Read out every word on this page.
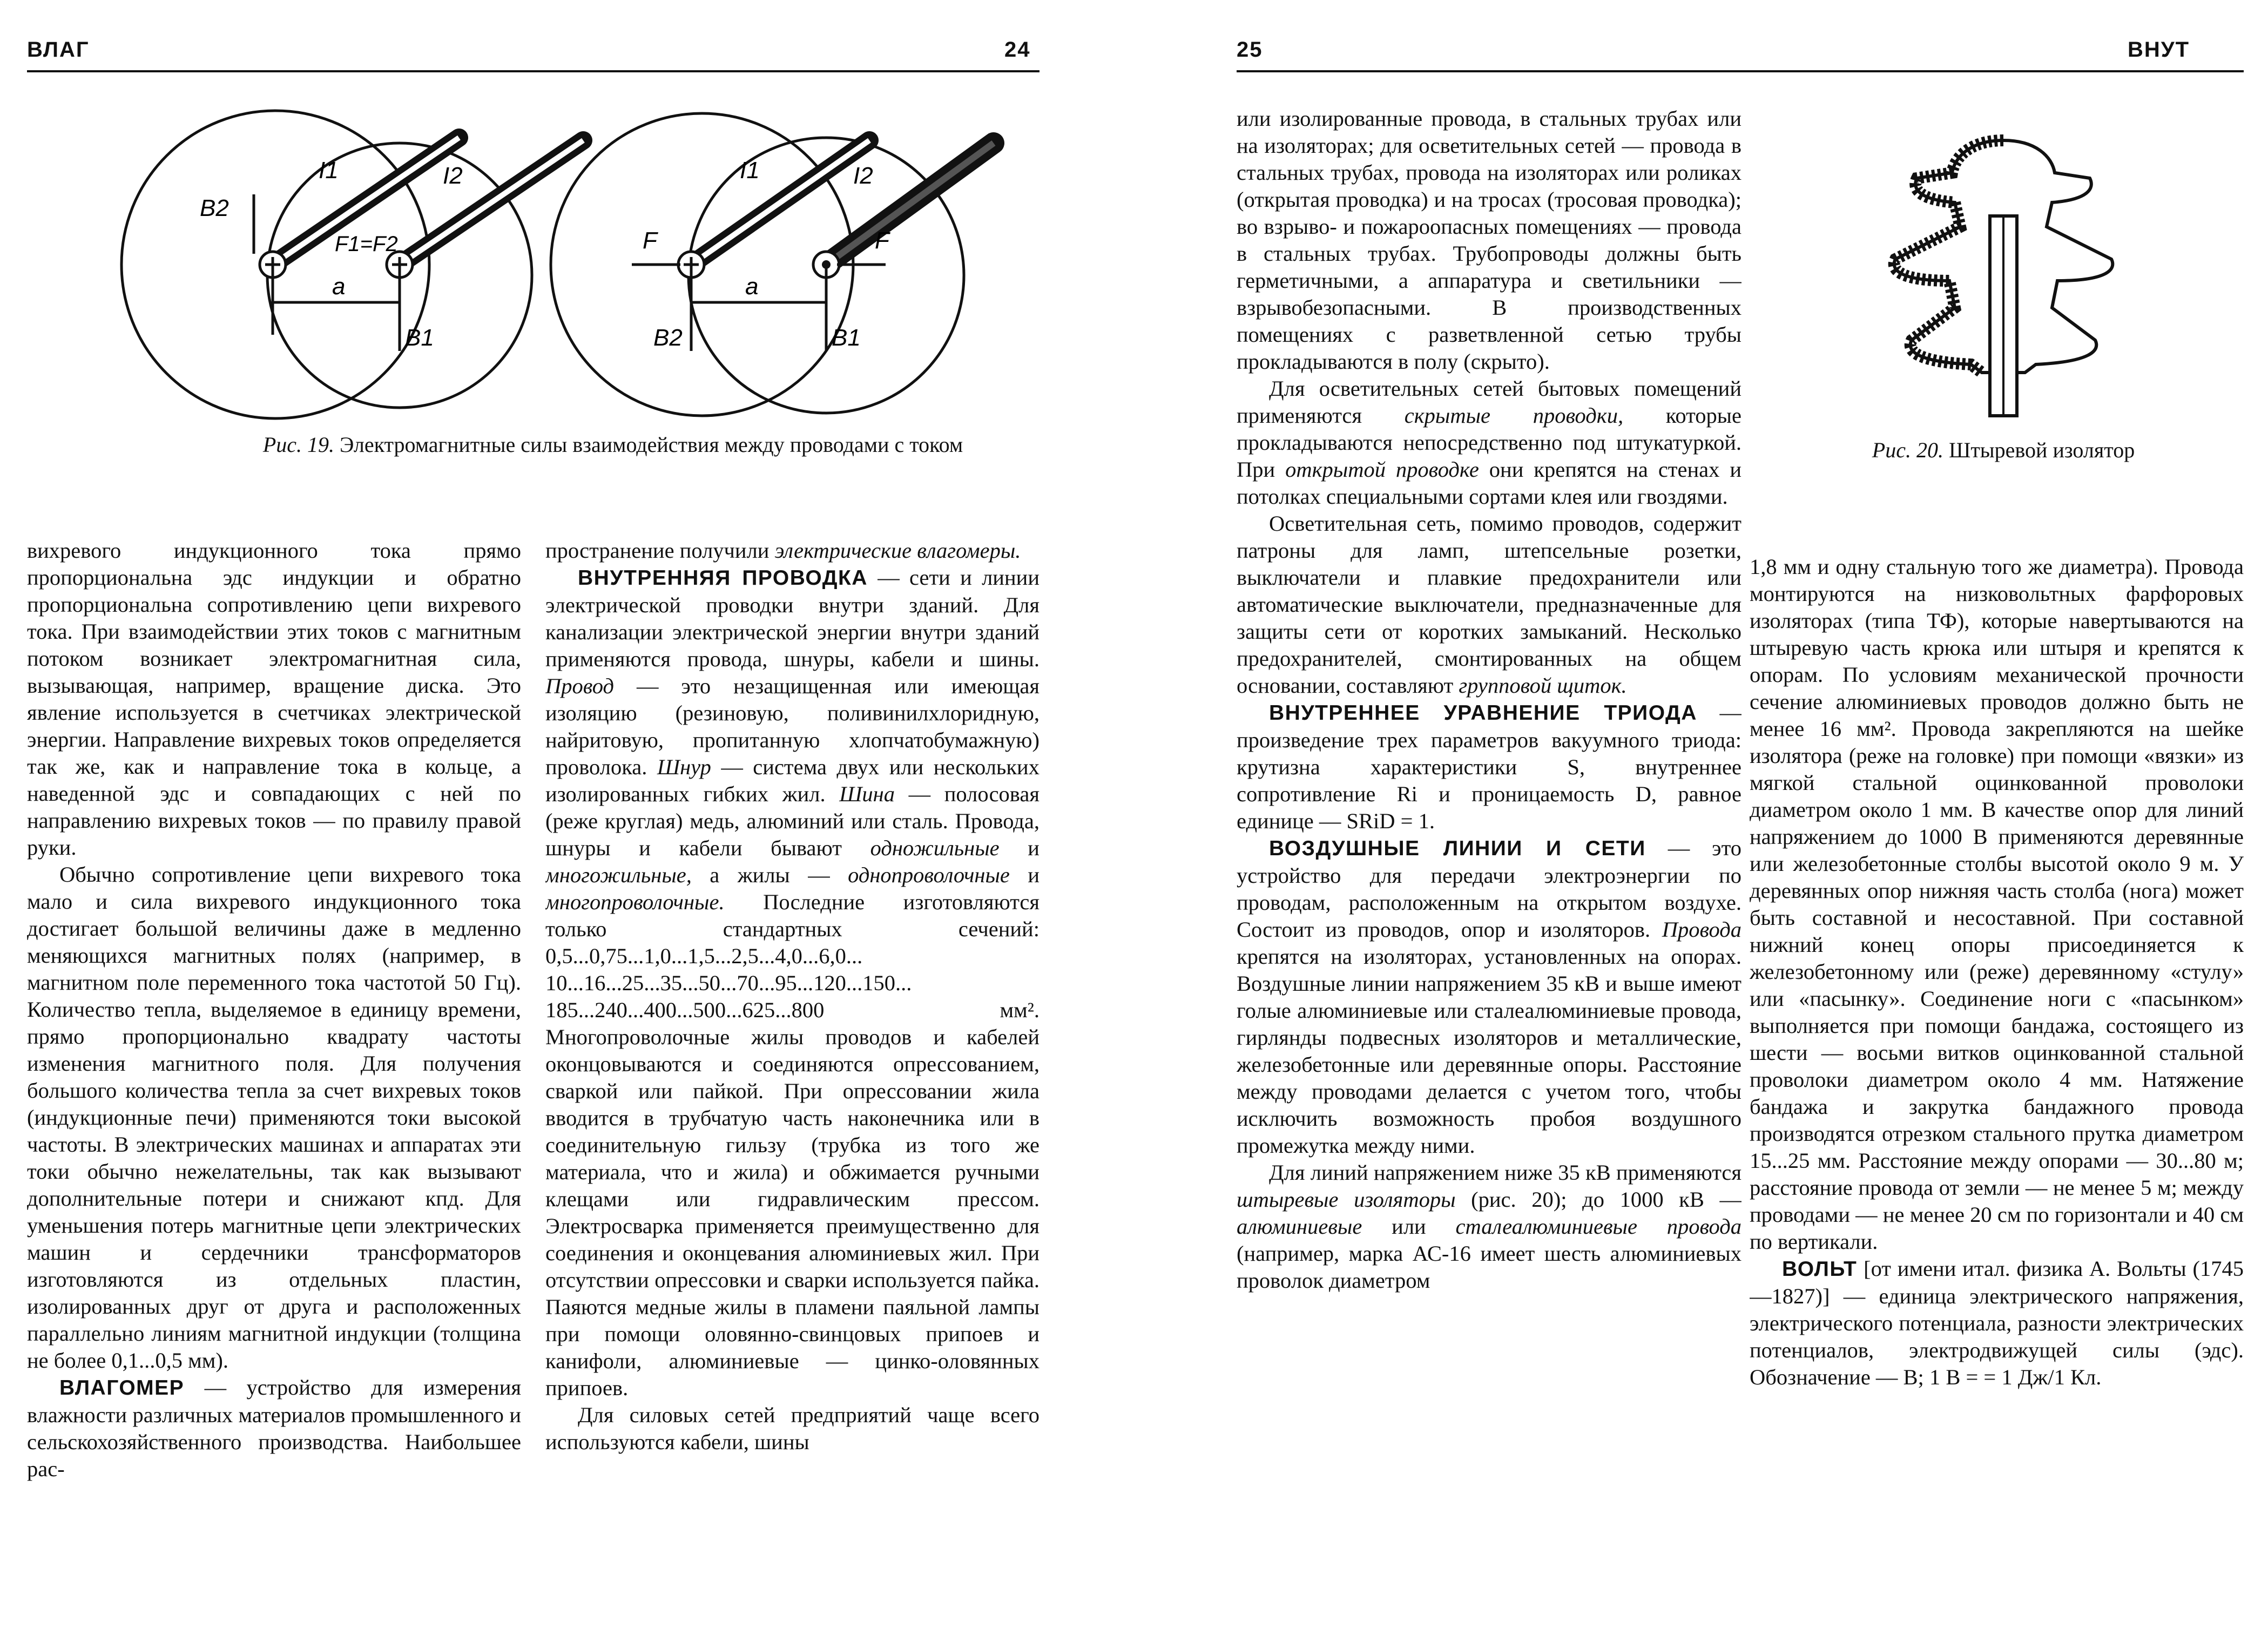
ВЛАГ	24
B2
B1
I1	I2
F1=F2
a	a
F	F
I1	I2
B2	B1
Рис. 19. Электромагнитные силы взаимодействия между проводами с током

вихревого индукционного тока прямо пропорциональна эдс индукции и обратно пропорциональна сопротивлению цепи вихревого тока. При взаимодействии этих токов с магнитным потоком возникает электромагнитная сила, вызывающая, например, вращение диска. Это явление используется в счетчиках электрической энергии. Направление вихревых токов определяется так же, как и направление тока в кольце, а наведенной эдс и совпадающих с ней по направлению вихревых токов — по правилу правой руки.

Обычно сопротивление цепи вихревого тока мало и сила вихревого индукционного тока достигает большой величины даже в медленно меняющихся магнитных полях (например, в магнитном поле переменного тока частотой 50 Гц). Количество тепла, выделяемое в единицу времени, прямо пропорционально квадрату частоты изменения магнитного поля. Для получения большого количества тепла за счет вихревых токов (индукционные печи) применяются токи высокой частоты. В электрических машинах и аппаратах эти токи обычно нежелательны, так как вызывают дополнительные потери и снижают кпд. Для уменьшения потерь магнитные цепи электрических машин и сердечники трансформаторов изготовляются из отдельных пластин, изолированных друг от друга и расположенных параллельно линиям магнитной индукции (толщина не более 0,1...0,5 мм).

ВЛАГОМЕР — устройство для измерения влажности различных материалов промышленного и сельскохозяйственного производства. Наибольшее рас-

пространение получили электрические влагомеры.

ВНУТРЕННЯЯ ПРОВОДКА — сети и линии электрической проводки внутри зданий. Для канализации электрической энергии внутри зданий применяются провода, шнуры, кабели и шины. Провод — это незащищенная или имеющая изоляцию (резиновую, поливинилхлоридную, найритовую, пропитанную хлопчатобумажную) проволока. Шнур — система двух или нескольких изолированных гибких жил. Шина — полосовая (реже круглая) медь, алюминий или сталь. Провода, шнуры и кабели бывают одножильные и многожильные, а жилы — однопроволочные и многопроволочные. Последние изготовляются только стандартных сечений: 0,5...0,75...1,0...1,5...2,5...4,0...6,0... 10...16...25...35...50...70...95...120...150... 185...240...400...500...625...800 мм². Многопроволочные жилы проводов и кабелей оконцовываются и соединяются опрессованием, сваркой или пайкой. При опрессовании жила вводится в трубчатую часть наконечника или в соединительную гильзу (трубка из того же материала, что и жила) и обжимается ручными клещами или гидравлическим прессом. Электросварка применяется преимущественно для соединения и оконцевания алюминиевых жил. При отсутствии опрессовки и сварки используется пайка. Паяются медные жилы в пламени паяльной лампы при помощи оловянно-свинцовых припоев и канифоли, алюминиевые — цинко-оловянных припоев.

Для силовых сетей предприятий чаще всего используются кабели, шины

25	ВНУТ

или изолированные провода, в стальных трубах или на изоляторах; для осветительных сетей — провода в стальных трубах, провода на изоляторах или роликах (открытая проводка) и на тросах (тросовая проводка); во взрыво- и пожароопасных помещениях — провода в стальных трубах. Трубопроводы должны быть герметичными, а аппаратура и светильники — взрывобезопасными. В производственных помещениях с разветвленной сетью трубы прокладываются в полу (скрыто).

Для осветительных сетей бытовых помещений применяются скрытые проводки, которые прокладываются непосредственно под штукатуркой. При открытой проводке они крепятся на стенах и потолках специальными сортами клея или гвоздями.

Осветительная сеть, помимо проводов, содержит патроны для ламп, штепсельные розетки, выключатели и плавкие предохранители или автоматические выключатели, предназначенные для защиты сети от коротких замыканий. Несколько предохранителей, смонтированных на общем основании, составляют групповой щиток.

ВНУТРЕННЕЕ УРАВНЕНИЕ ТРИОДА — произведение трех параметров вакуумного триода: крутизна характеристики S, внутреннее сопротивление Ri и проницаемость D, равное единице — SRiD = 1.

ВОЗДУШНЫЕ ЛИНИИ И СЕТИ — это устройство для передачи электроэнергии по проводам, расположенным на открытом воздухе. Состоит из проводов, опор и изоляторов. Провода крепятся на изоляторах, установленных на опорах. Воздушные линии напряжением 35 кВ и выше имеют голые алюминиевые или сталеалюминиевые провода, гирлянды подвесных изоляторов и металлические, железобетонные или деревянные опоры. Расстояние между проводами делается с учетом того, чтобы исключить возможность пробоя воздушного промежутка между ними.

Для линий напряжением ниже 35 кВ применяются штыревые изоляторы (рис. 20); до 1000 кВ — алюминиевые или сталеалюминиевые провода (например, марка АС-16 имеет шесть алюминиевых проволок диаметром

Рис. 20. Штыревой изолятор

1,8 мм и одну стальную того же диаметра). Провода монтируются на низковольтных фарфоровых изоляторах (типа ТФ), которые навертываются на штыревую часть крюка или штыря и крепятся к опорам. По условиям механической прочности сечение алюминиевых проводов должно быть не менее 16 мм². Провода закрепляются на шейке изолятора (реже на головке) при помощи «вязки» из мягкой стальной оцинкованной проволоки диаметром около 1 мм. В качестве опор для линий напряжением до 1000 В применяются деревянные или железобетонные столбы высотой около 9 м. У деревянных опор нижняя часть столба (нога) может быть составной и несоставной. При составной нижний конец опоры присоединяется к железобетонному или (реже) деревянному «стулу» или «пасынку». Соединение ноги с «пасынком» выполняется при помощи бандажа, состоящего из шести — восьми витков оцинкованной стальной проволоки диаметром около 4 мм. Натяжение бандажа и закрутка бандажного провода производятся отрезком стального прутка диаметром 15...25 мм. Расстояние между опорами — 30...80 м; расстояние провода от земли — не менее 5 м; между проводами — не менее 20 см по горизонтали и 40 см по вертикали.

ВОЛЬТ [от имени итал. физика А. Вольты (1745—1827)] — единица электрического напряжения, электрического потенциала, разности электрических потенциалов, электродвижущей силы (эдс). Обозначение — В; 1 В = = 1 Дж/1 Кл.
